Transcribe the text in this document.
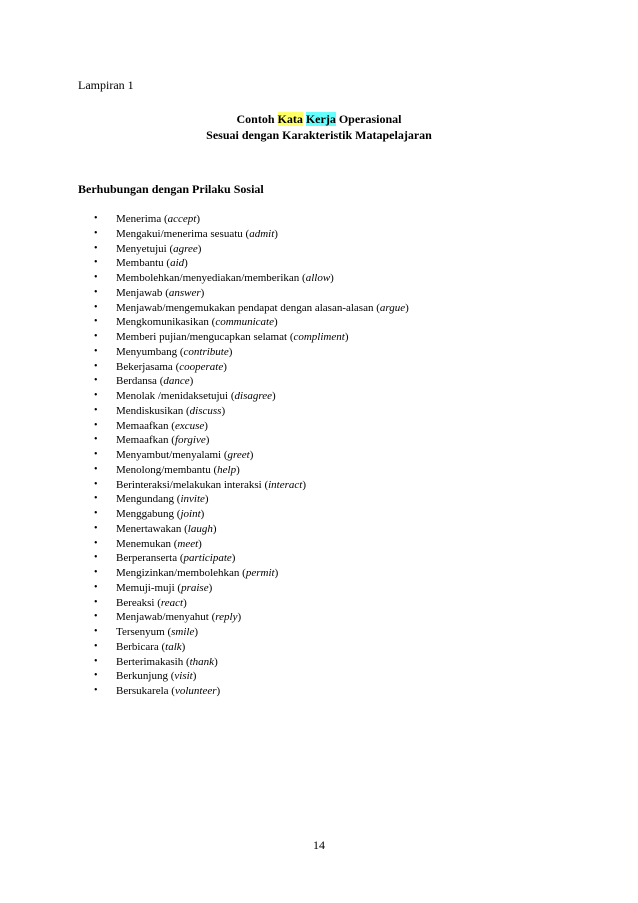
Lampiran 1
Contoh Kata Kerja Operasional
Sesuai dengan Karakteristik Matapelajaran
Berhubungan dengan Prilaku Sosial
• Menerima (accept)
• Mengakui/menerima sesuatu (admit)
• Menyetujui (agree)
• Membantu (aid)
• Membolehkan/menyediakan/memberikan (allow)
• Menjawab (answer)
• Menjawab/mengemukakan pendapat dengan alasan-alasan (argue)
• Mengkomunikasikan (communicate)
• Memberi pujian/mengucapkan selamat (compliment)
• Menyumbang (contribute)
• Bekerjasama (cooperate)
• Berdansa (dance)
• Menolak /menidaksetujui (disagree)
• Mendiskusikan (discuss)
• Memaafkan (excuse)
• Memaafkan (forgive)
• Menyambut/menyalami (greet)
• Menolong/membantu (help)
• Berinteraksi/melakukan interaksi (interact)
• Mengundang (invite)
• Menggabung (joint)
• Menertawakan (laugh)
• Menemukan (meet)
• Berperanserta (participate)
• Mengizinkan/membolehkan (permit)
• Memuji-muji (praise)
• Bereaksi (react)
• Menjawab/menyahut (reply)
• Tersenyum (smile)
• Berbicara (talk)
• Berterimakasih (thank)
• Berkunjung (visit)
• Bersukarela (volunteer)
14
